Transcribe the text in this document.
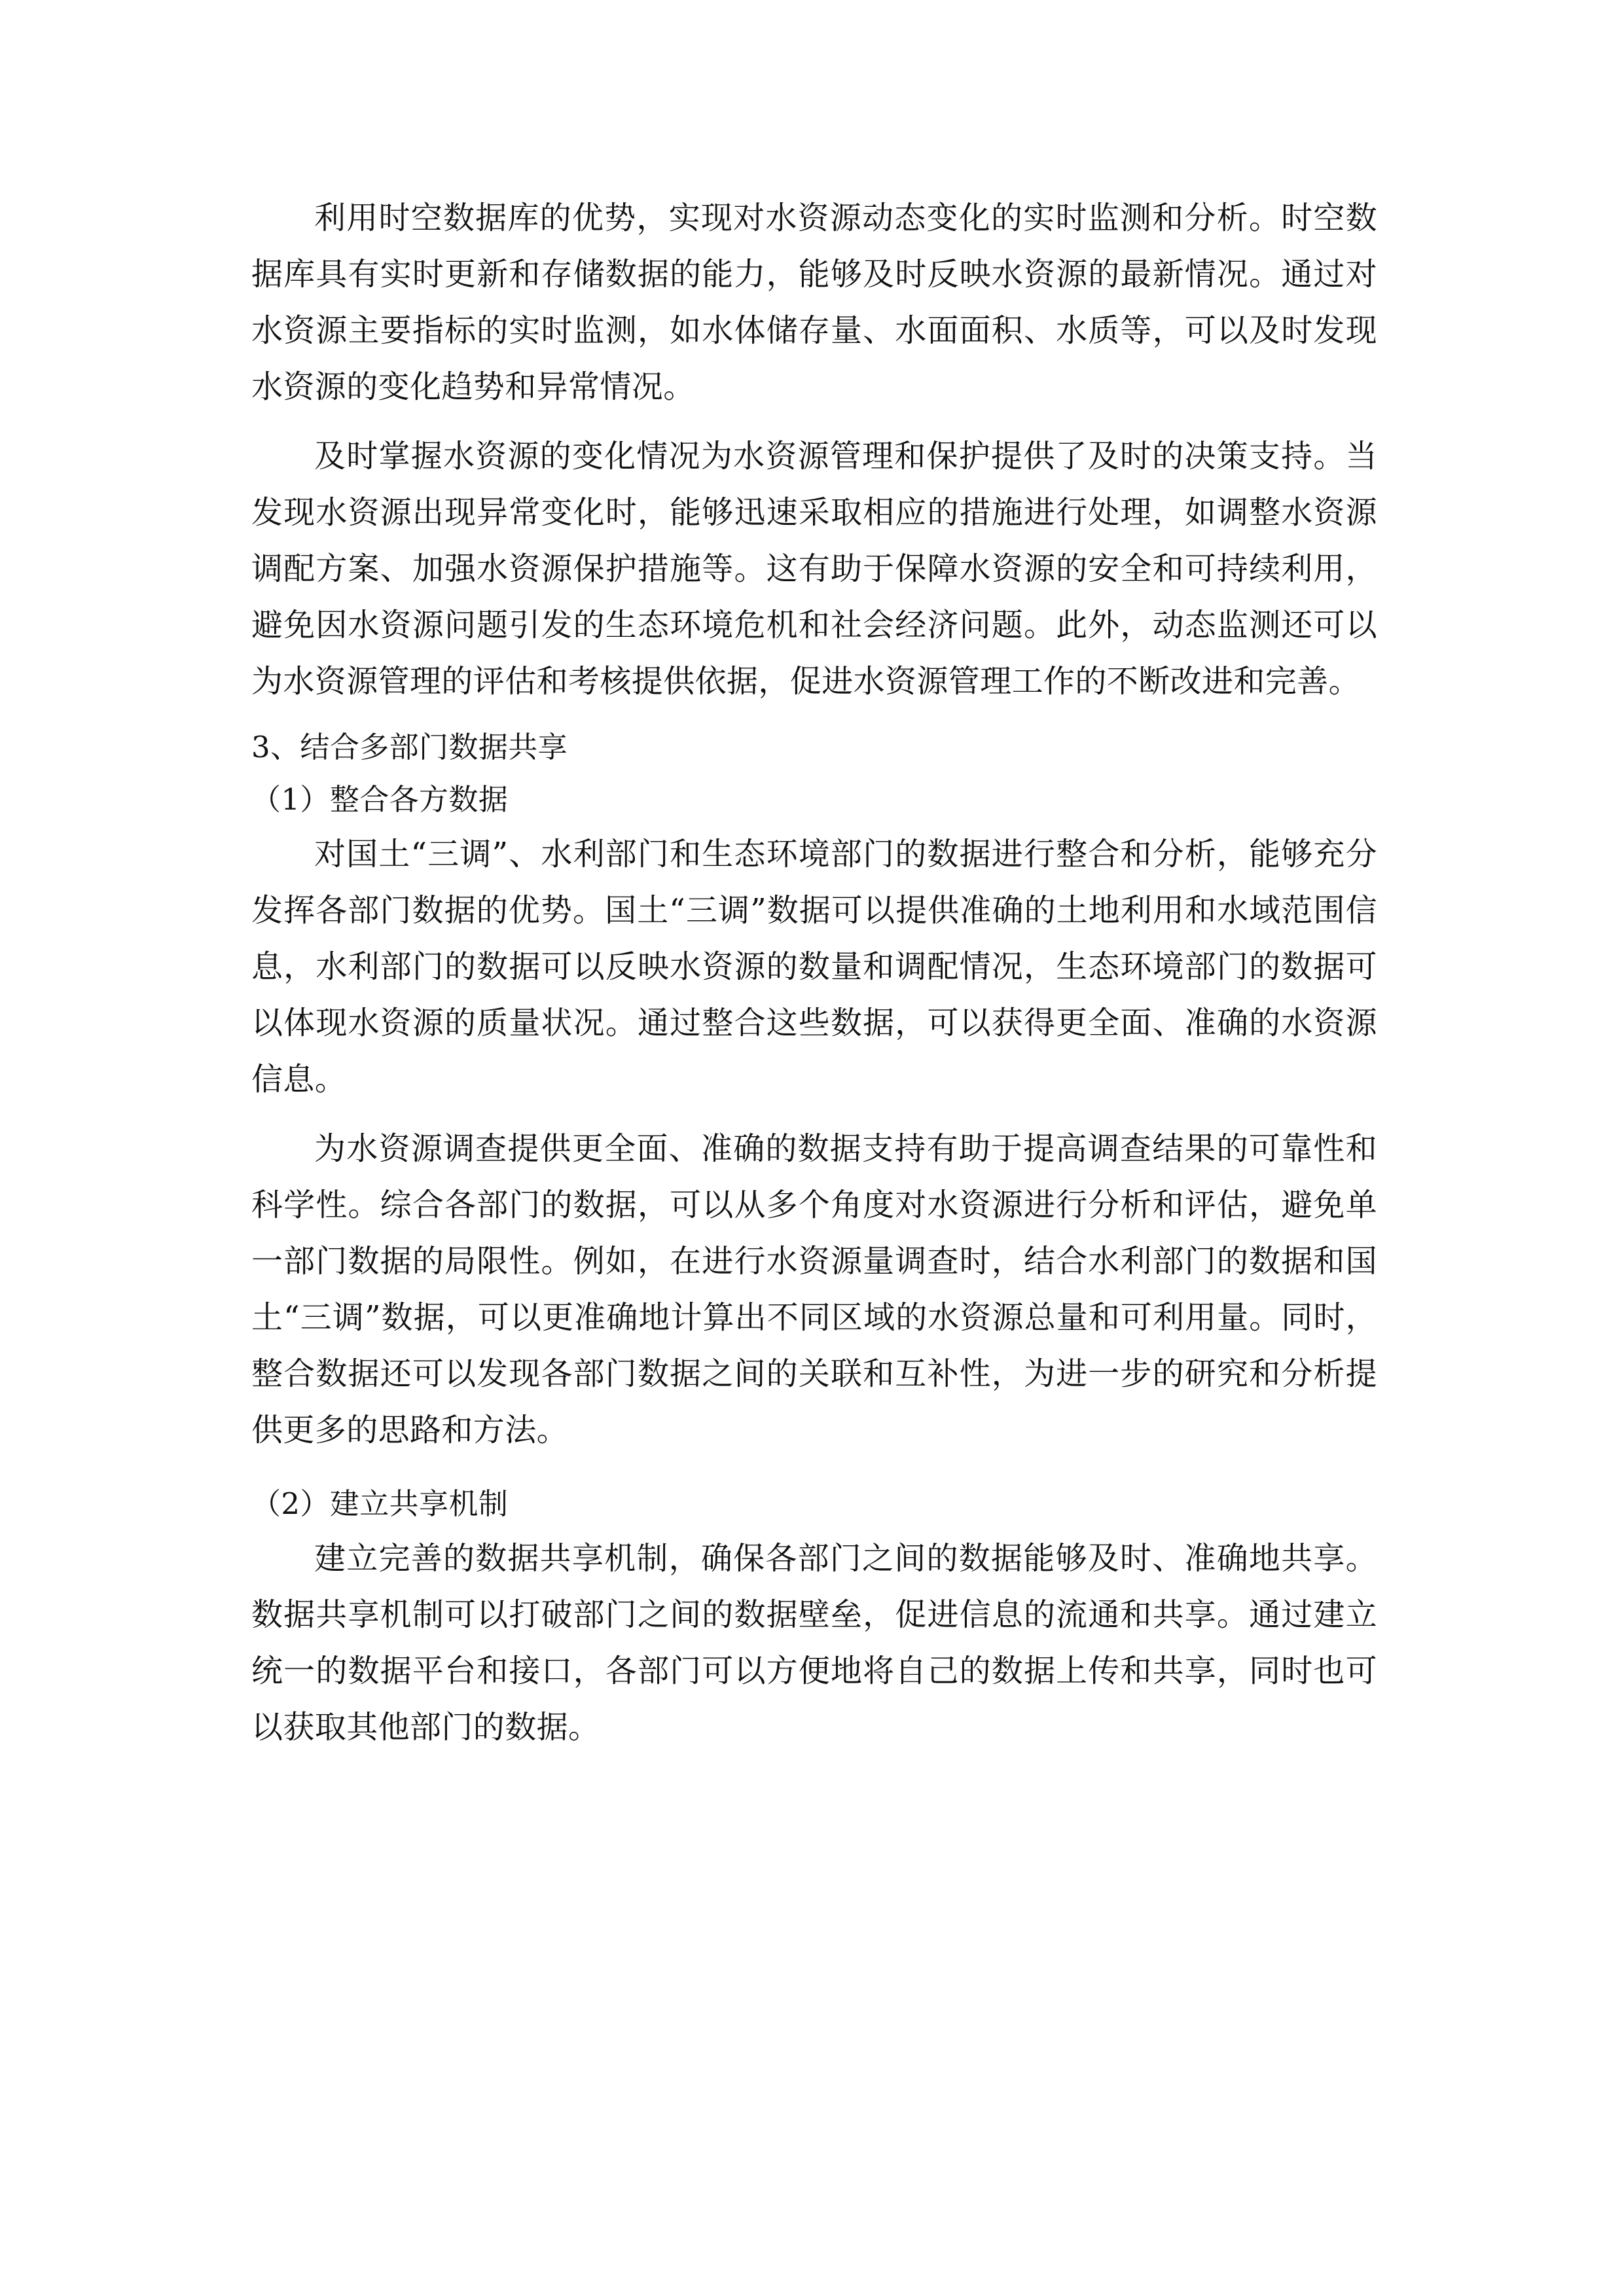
利用时空数据库的优势，实现对水资源动态变化的实时监测和分析。时空数据库具有实时更新和存储数据的能力，能够及时反映水资源的最新情况。通过对水资源主要指标的实时监测，如水体储存量、水面面积、水质等，可以及时发现水资源的变化趋势和异常情况。

及时掌握水资源的变化情况为水资源管理和保护提供了及时的决策支持。当发现水资源出现异常变化时，能够迅速采取相应的措施进行处理，如调整水资源调配方案、加强水资源保护措施等。这有助于保障水资源的安全和可持续利用，避免因水资源问题引发的生态环境危机和社会经济问题。此外，动态监测还可以为水资源管理的评估和考核提供依据，促进水资源管理工作的不断改进和完善。

3、结合多部门数据共享

（1）整合各方数据

对国土“三调”、水利部门和生态环境部门的数据进行整合和分析，能够充分发挥各部门数据的优势。国土“三调”数据可以提供准确的土地利用和水域范围信息，水利部门的数据可以反映水资源的数量和调配情况，生态环境部门的数据可以体现水资源的质量状况。通过整合这些数据，可以获得更全面、准确的水资源信息。

为水资源调查提供更全面、准确的数据支持有助于提高调查结果的可靠性和科学性。综合各部门的数据，可以从多个角度对水资源进行分析和评估，避免单一部门数据的局限性。例如，在进行水资源量调查时，结合水利部门的数据和国土“三调”数据，可以更准确地计算出不同区域的水资源总量和可利用量。同时，整合数据还可以发现各部门数据之间的关联和互补性，为进一步的研究和分析提供更多的思路和方法。

（2）建立共享机制

建立完善的数据共享机制，确保各部门之间的数据能够及时、准确地共享。数据共享机制可以打破部门之间的数据壁垒，促进信息的流通和共享。通过建立统一的数据平台和接口，各部门可以方便地将自己的数据上传和共享，同时也可以获取其他部门的数据。
